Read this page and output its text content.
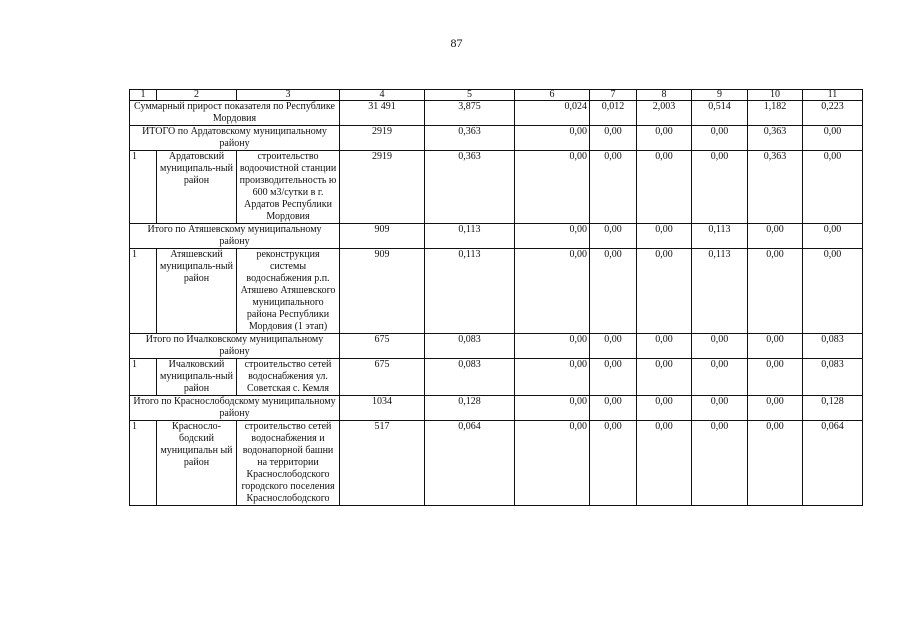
87
1	2	3	4	5	6	7	8	9	10	11
Суммарный прирост показателя по Республике Мордовия			31 491	3,875	0,024	0,012	2,003	0,514	1,182	0,223
ИТОГО по Ардатовскому муниципальному району			2919	0,363	0,00	0,00	0,00	0,00	0,363	0,00
1	Ардатовский муниципаль-ный район	строительство водоочистной станции производительность ю 600 м3/сутки в г. Ардатов Республики Мордовия	2919	0,363	0,00	0,00	0,00	0,00	0,363	0,00
Итого по Атяшевскому муниципальному району			909	0,113	0,00	0,00	0,00	0,113	0,00	0,00
1	Атяшевский муниципаль-ный район	реконструкция системы водоснабжения р.п. Атяшево Атяшевского муниципального района Республики Мордовия (1 этап)	909	0,113	0,00	0,00	0,00	0,113	0,00	0,00
Итого по Ичалковскому муниципальному району			675	0,083	0,00	0,00	0,00	0,00	0,00	0,083
1	Ичалковский муниципаль-ный район	строительство сетей водоснабжения ул. Советская с. Кемля	675	0,083	0,00	0,00	0,00	0,00	0,00	0,083
Итого по Краснослободскому муниципальному району			1034	0,128	0,00	0,00	0,00	0,00	0,00	0,128
1	Краснослo-бодский муниципальн ый район	строительство сетей водоснабжения и водонапорной башни на территории Краснослободского городского поселения Краснослободского	517	0,064	0,00	0,00	0,00	0,00	0,00	0,064
